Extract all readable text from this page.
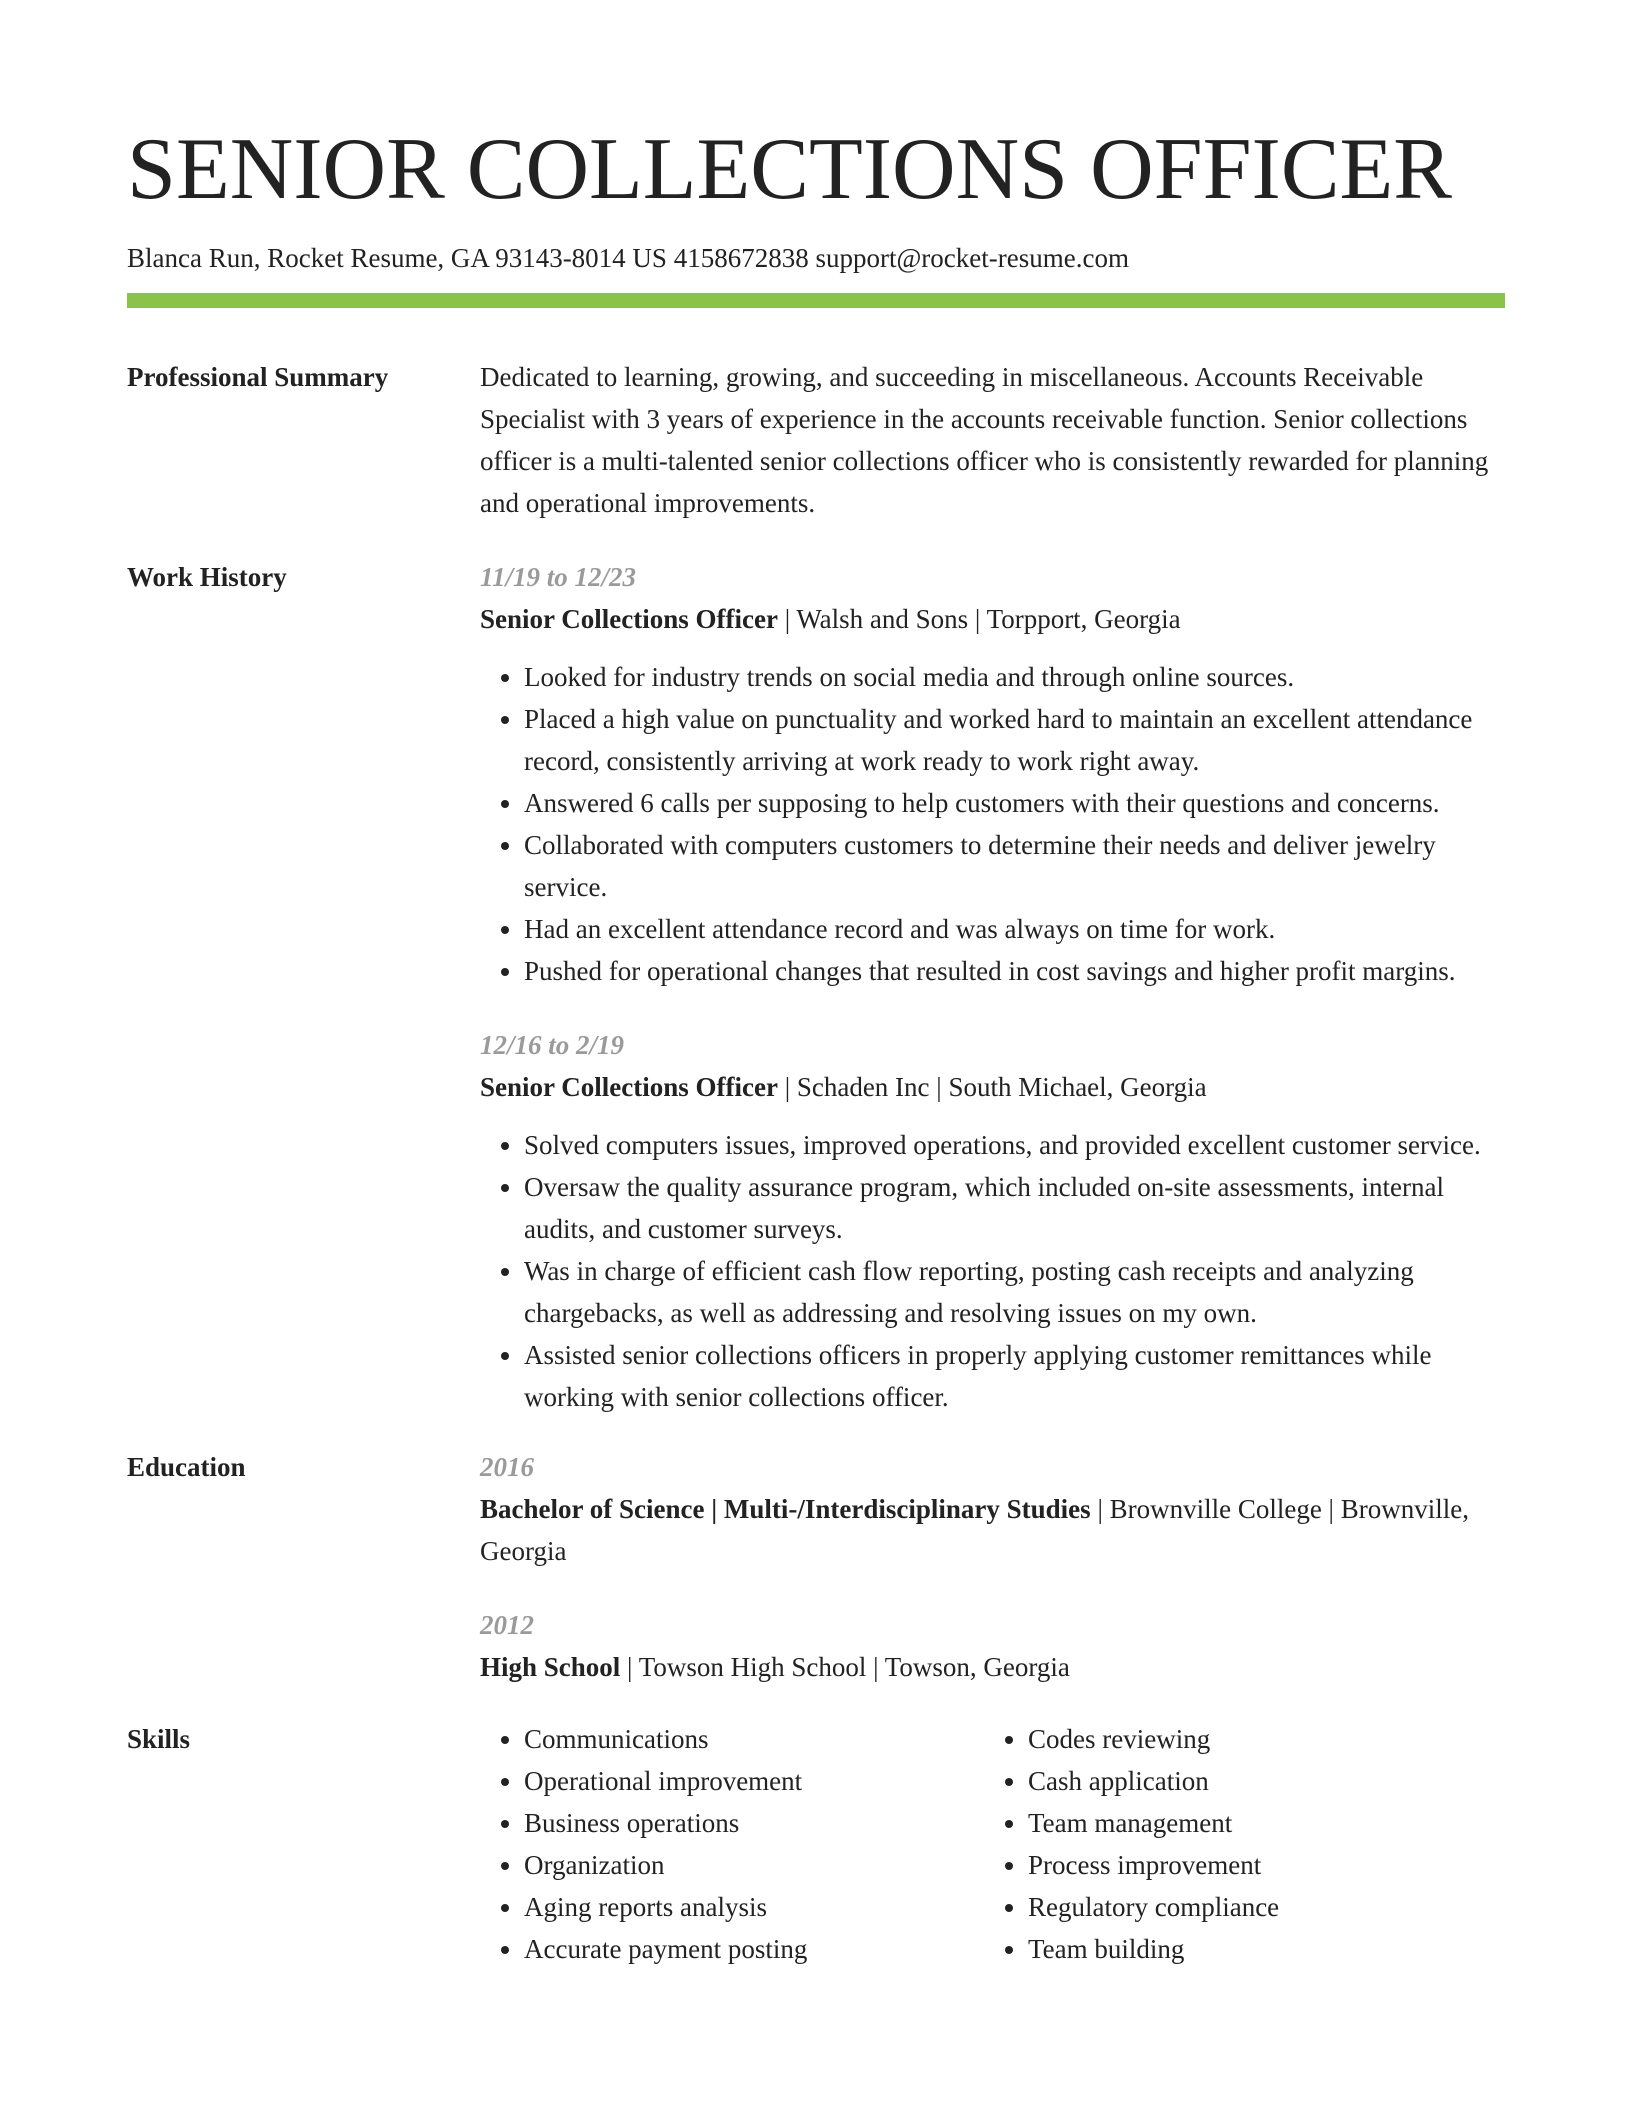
SENIOR COLLECTIONS OFFICER
Blanca Run, Rocket Resume, GA 93143-8014 US 4158672838 support@rocket-resume.com
Professional Summary	Dedicated to learning, growing, and succeeding in miscellaneous. Accounts Receivable Specialist with 3 years of experience in the accounts receivable function. Senior collections officer is a multi-talented senior collections officer who is consistently rewarded for planning and operational improvements.
Work History	11/19 to 12/23
Senior Collections Officer | Walsh and Sons | Torpport, Georgia
• Looked for industry trends on social media and through online sources.
• Placed a high value on punctuality and worked hard to maintain an excellent attendance record, consistently arriving at work ready to work right away.
• Answered 6 calls per supposing to help customers with their questions and concerns.
• Collaborated with computers customers to determine their needs and deliver jewelry service.
• Had an excellent attendance record and was always on time for work.
• Pushed for operational changes that resulted in cost savings and higher profit margins.
12/16 to 2/19
Senior Collections Officer | Schaden Inc | South Michael, Georgia
• Solved computers issues, improved operations, and provided excellent customer service.
• Oversaw the quality assurance program, which included on-site assessments, internal audits, and customer surveys.
• Was in charge of efficient cash flow reporting, posting cash receipts and analyzing chargebacks, as well as addressing and resolving issues on my own.
• Assisted senior collections officers in properly applying customer remittances while working with senior collections officer.
Education	2016
Bachelor of Science | Multi-/Interdisciplinary Studies | Brownville College | Brownville, Georgia
2012
High School | Towson High School | Towson, Georgia
Skills
•	Communications
• Operational improvement
• Business operations
• Organization
• Aging reports analysis
• Accurate payment posting
• Codes reviewing
• Cash application
• Team management
• Process improvement
• Regulatory compliance
• Team building
